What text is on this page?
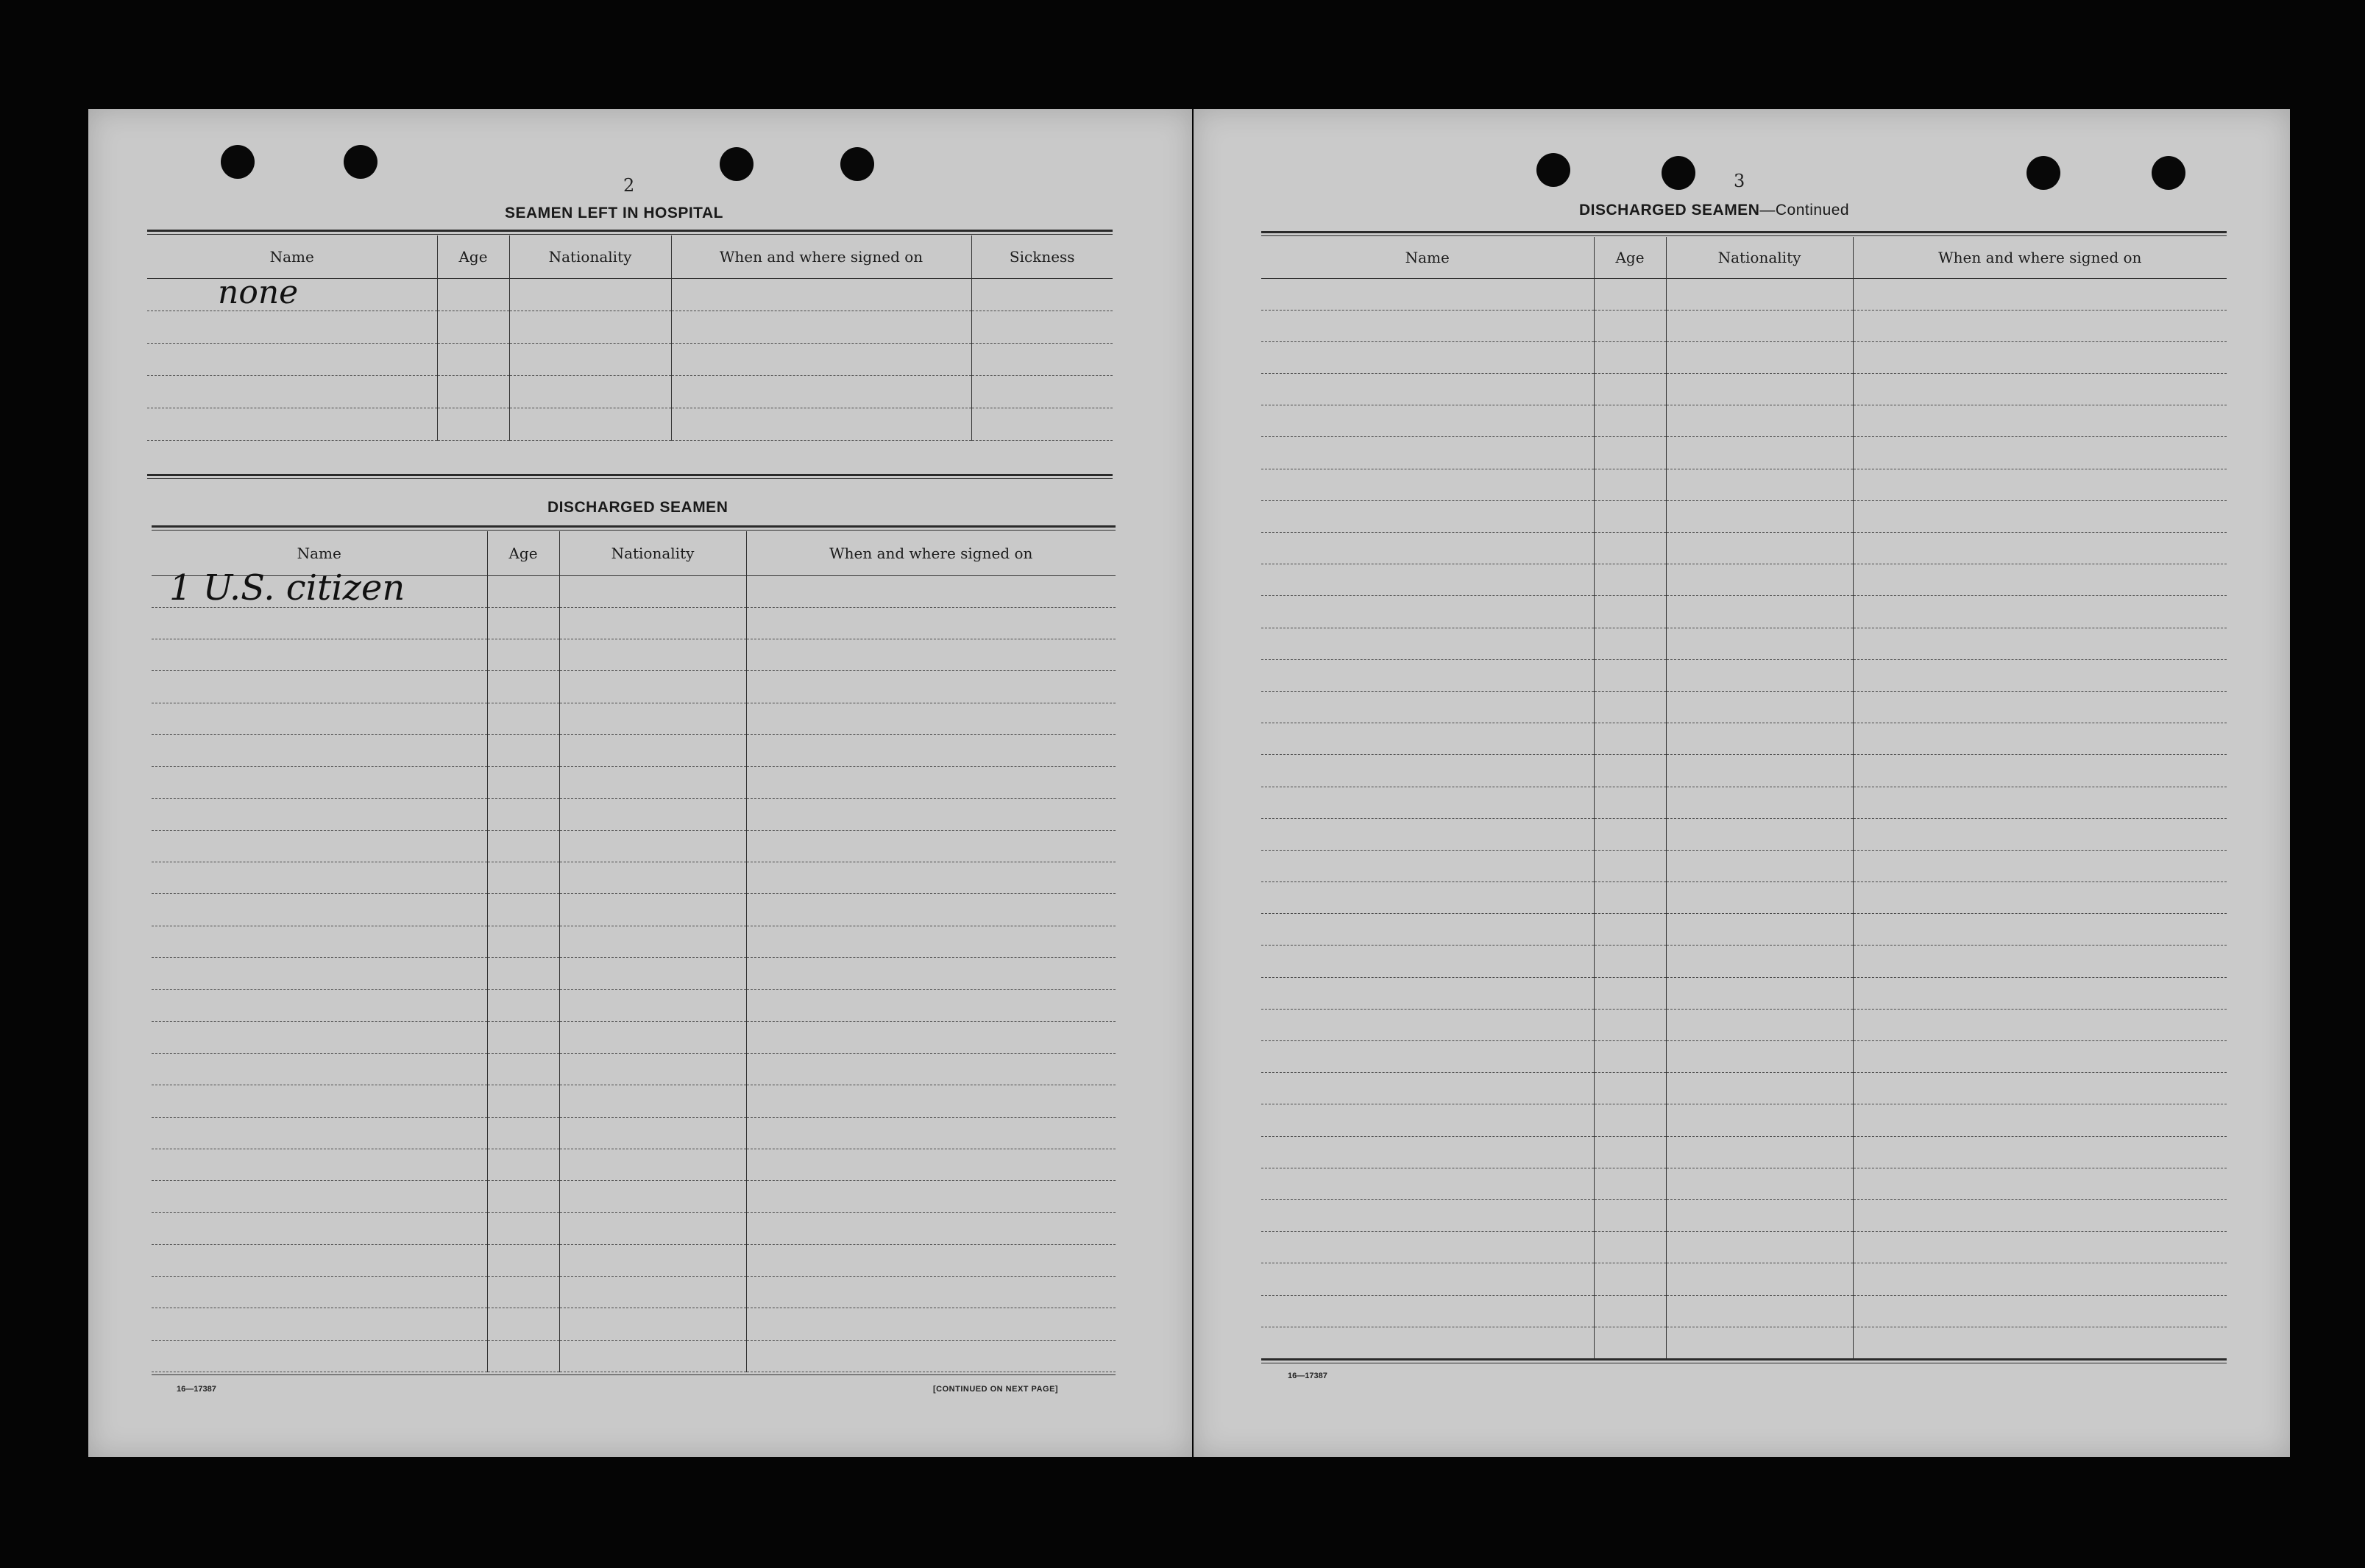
2
SEAMEN LEFT IN HOSPITAL
Name	Age	Nationality	When and where signed on	Sickness

none				

DISCHARGED SEAMEN
Name	Age	Nationality	When and where signed on

1 U.S. citizen			

16—17387	[CONTINUED ON NEXT PAGE]
3
DISCHARGED SEAMEN—Continued
Name	Age	Nationality	When and where signed on

16—17387
